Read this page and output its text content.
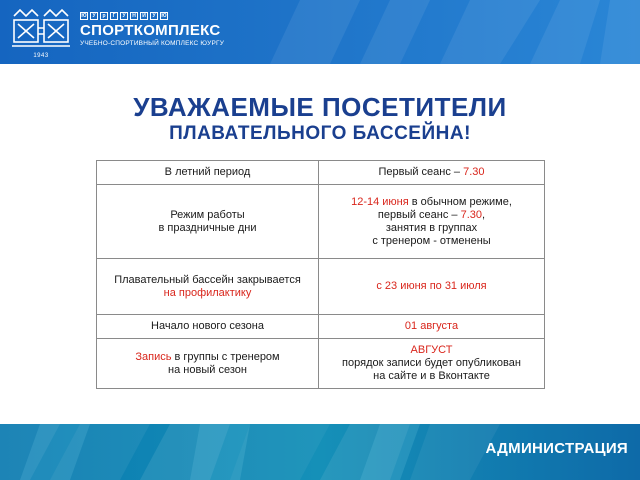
1943
Ю	У	р	Г	У	Н	И	У	Ю
СПОРТКОМПЛЕКС
УЧЕБНО-СПОРТИВНЫЙ КОМПЛЕКС ЮУРГУ
УВАЖАЕМЫЕ ПОСЕТИТЕЛИ
ПЛАВАТЕЛЬНОГО БАССЕЙНА!
В летний период	Первый сеанс – 7.30

Режим работы
в праздничные дни	12-14 июня в обычном режиме,
первый сеанс – 7.30,
занятия в группах
с тренером - отменены

Плавательный бассейн закрывается
на профилактику	с 23 июня по 31 июля
Начало нового сезона	01 августа

Запись в группы с тренером
на новый сезон	АВГУСТ
порядок записи будет опубликован
на сайте и в Вконтакте
АДМИНИСТРАЦИЯ
